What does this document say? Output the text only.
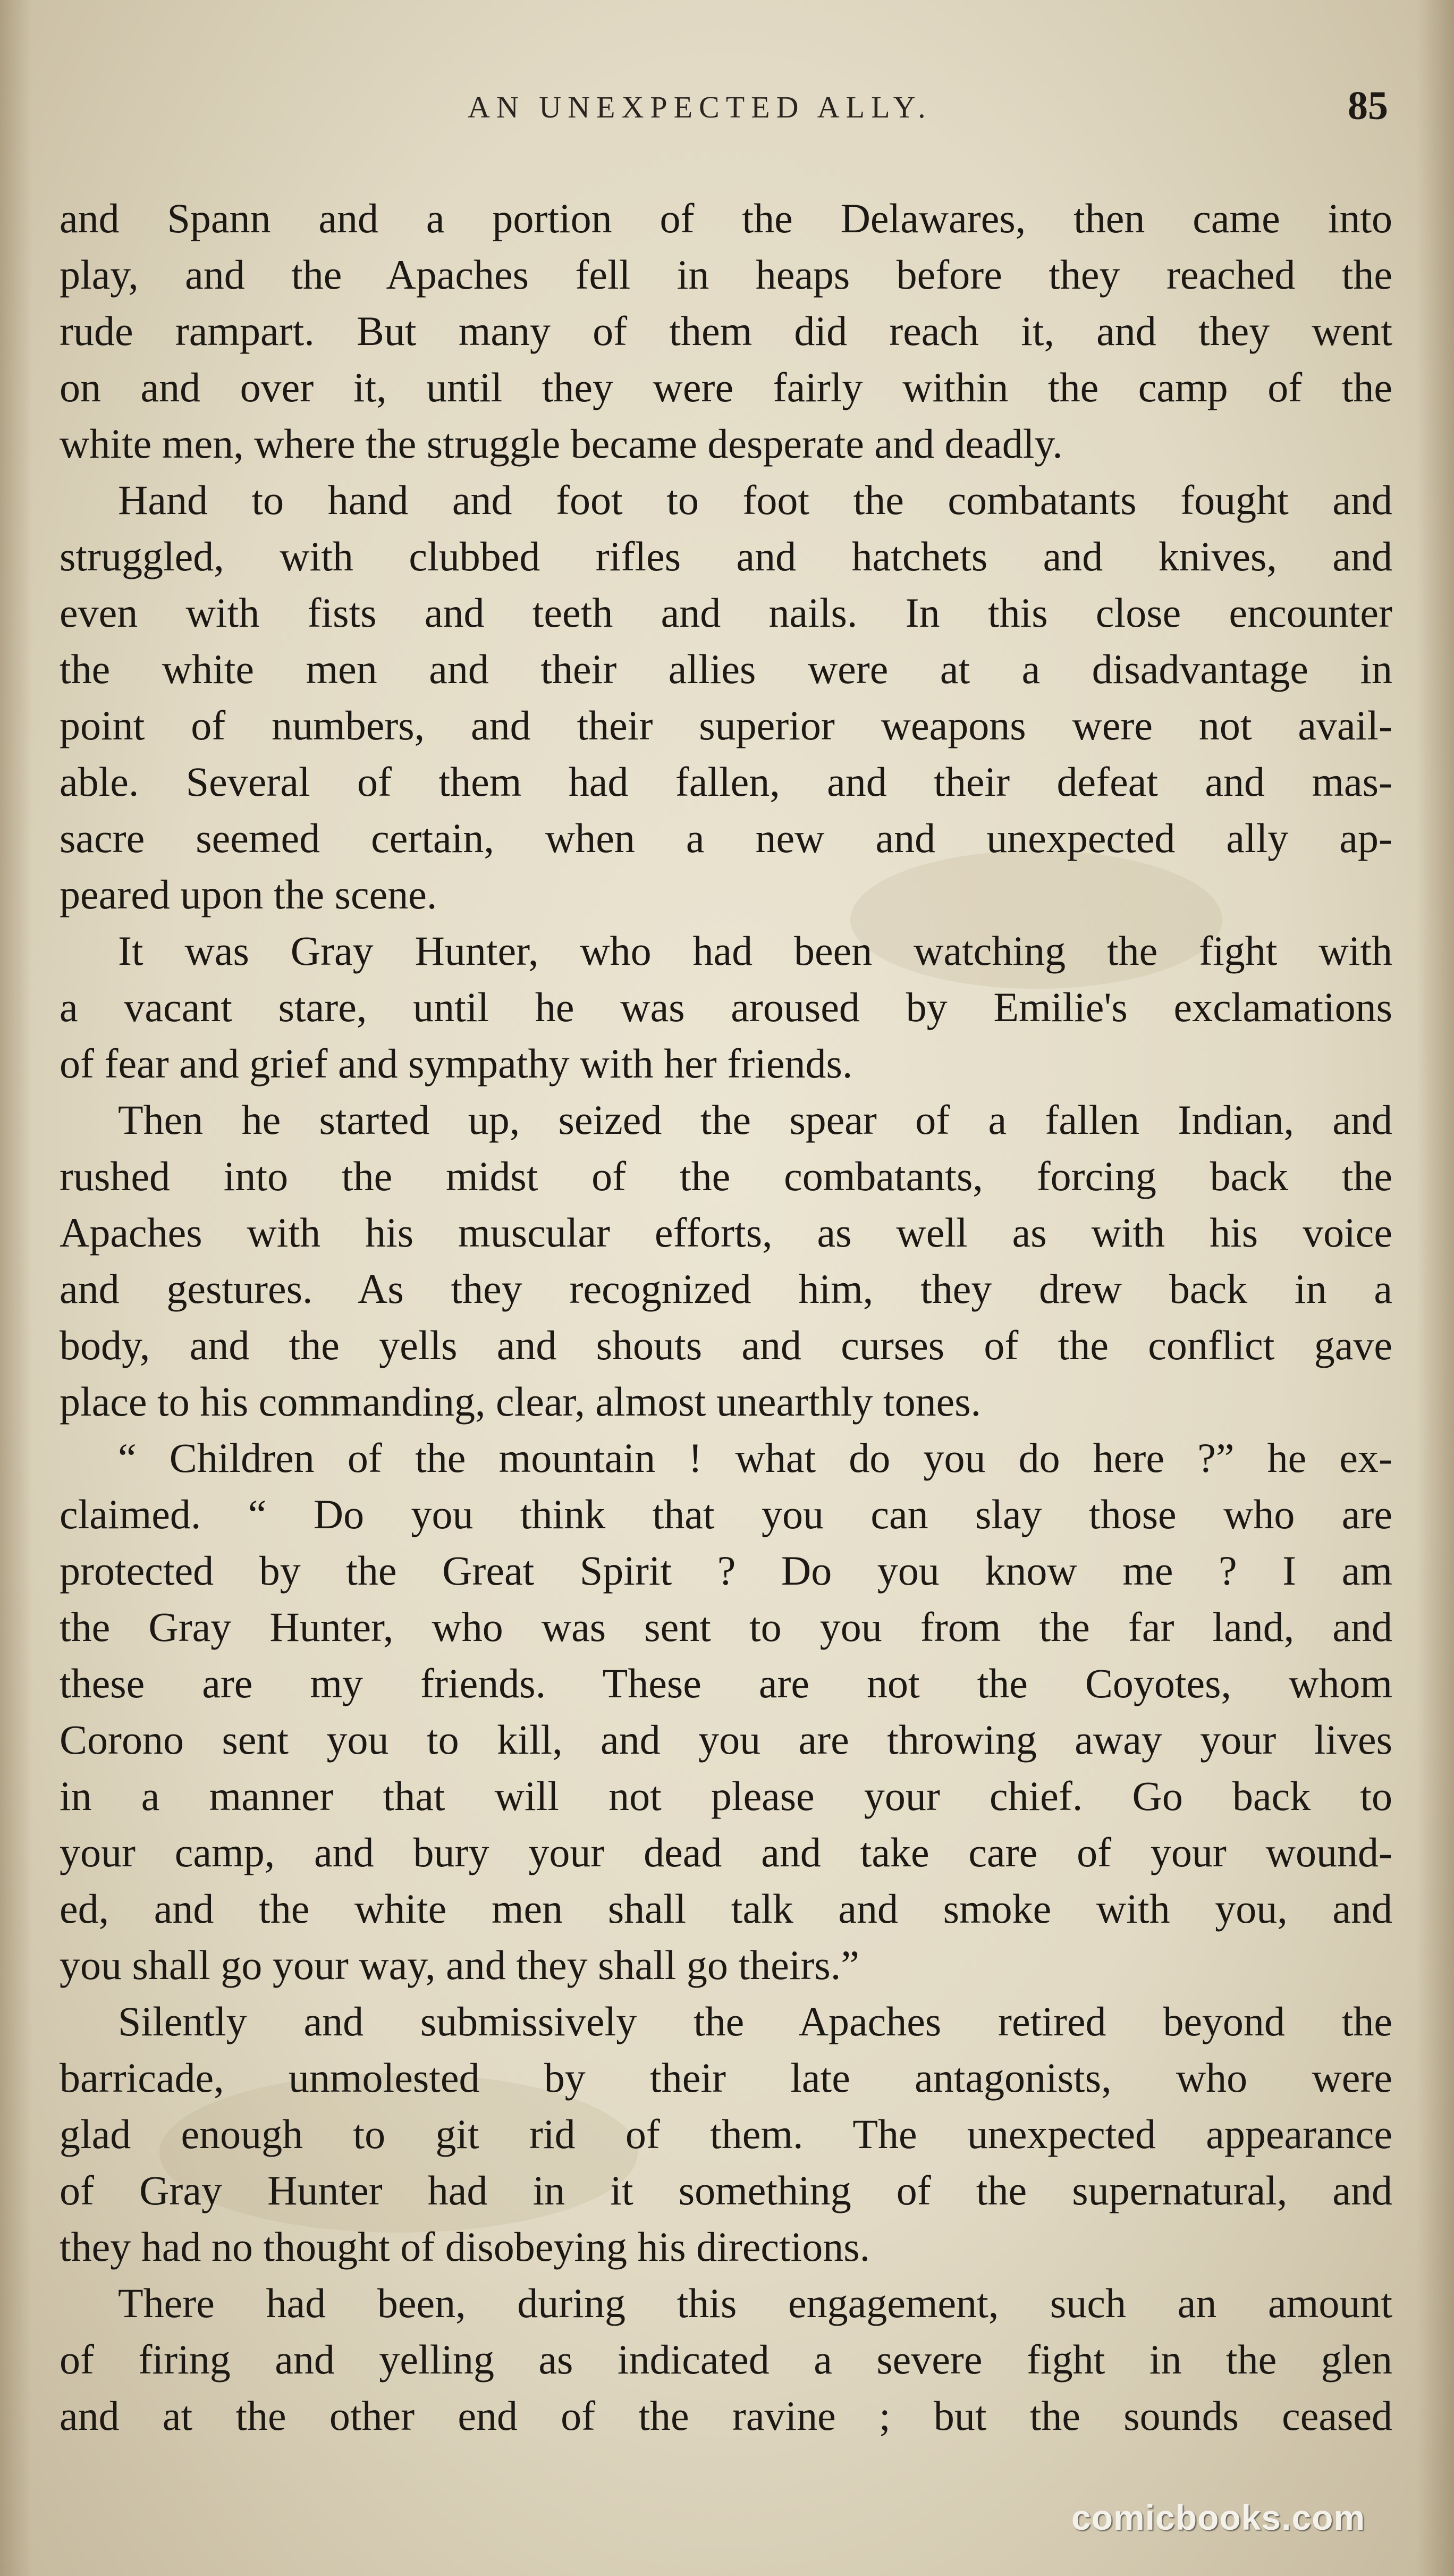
AN UNEXPECTED ALLY.	85
and Spann and a portion of the Delawares, then came into
play, and the Apaches fell in heaps before they reached the
rude rampart. But many of them did reach it, and they went
on and over it, until they were fairly within the camp of the
white men, where the struggle became desperate and deadly.
Hand to hand and foot to foot the combatants fought and
struggled, with clubbed rifles and hatchets and knives, and
even with fists and teeth and nails. In this close encounter
the white men and their allies were at a disadvantage in
point of numbers, and their superior weapons were not avail-
able. Several of them had fallen, and their defeat and mas-
sacre seemed certain, when a new and unexpected ally ap-
peared upon the scene.
It was Gray Hunter, who had been watching the fight with
a vacant stare, until he was aroused by Emilie's exclamations
of fear and grief and sympathy with her friends.
Then he started up, seized the spear of a fallen Indian, and
rushed into the midst of the combatants, forcing back the
Apaches with his muscular efforts, as well as with his voice
and gestures. As they recognized him, they drew back in a
body, and the yells and shouts and curses of the conflict gave
place to his commanding, clear, almost unearthly tones.
“ Children of the mountain ! what do you do here ?” he ex-
claimed. “ Do you think that you can slay those who are
protected by the Great Spirit ? Do you know me ? I am
the Gray Hunter, who was sent to you from the far land, and
these are my friends. These are not the Coyotes, whom
Corono sent you to kill, and you are throwing away your lives
in a manner that will not please your chief. Go back to
your camp, and bury your dead and take care of your wound-
ed, and the white men shall talk and smoke with you, and
you shall go your way, and they shall go theirs.”
Silently and submissively the Apaches retired beyond the
barricade, unmolested by their late antagonists, who were
glad enough to git rid of them. The unexpected appearance
of Gray Hunter had in it something of the supernatural, and
they had no thought of disobeying his directions.
There had been, during this engagement, such an amount
of firing and yelling as indicated a severe fight in the glen
and at the other end of the ravine ; but the sounds ceased
comicbooks.com
